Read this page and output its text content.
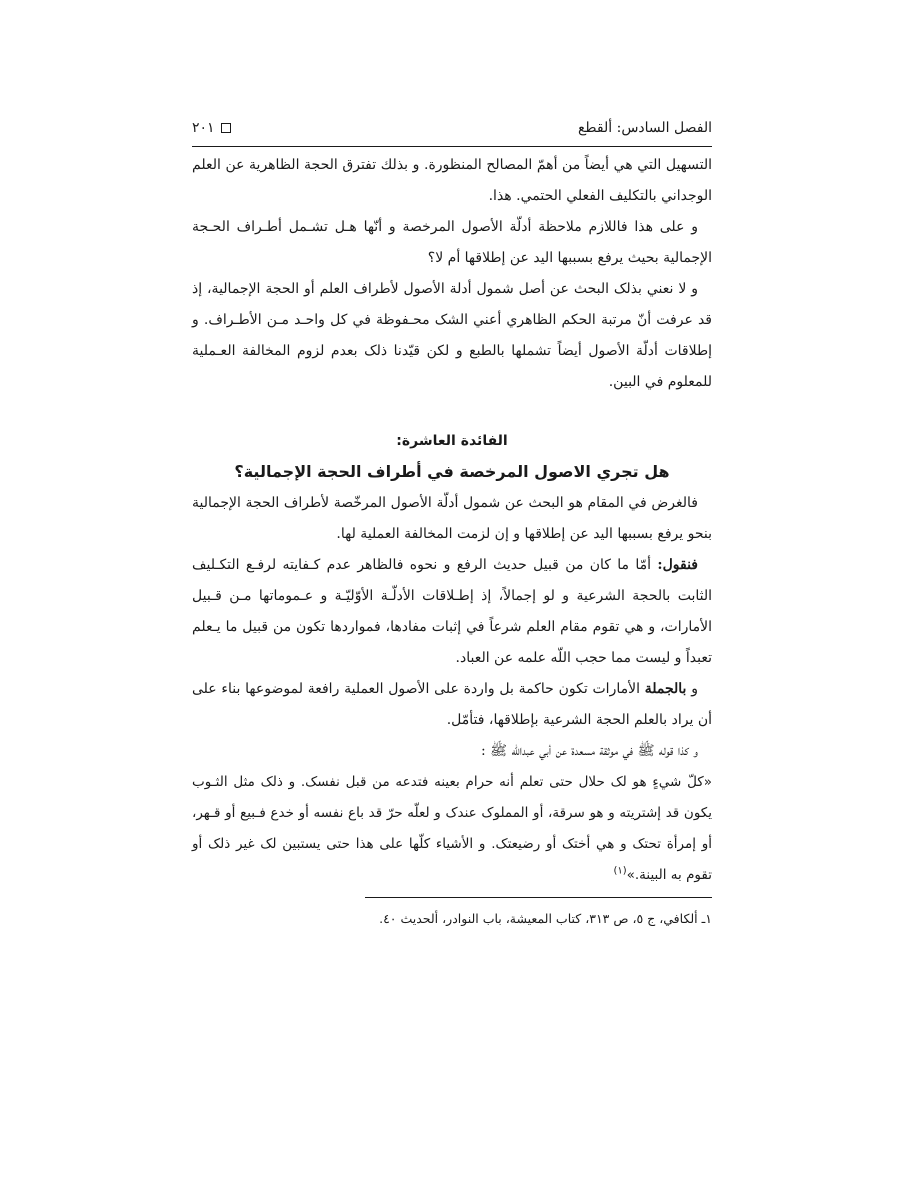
الفصل السادس: ألقطع
٢٠١

التسهيل التي هي أيضاً من أهمّ المصالح المنظورة. و بذلك تفترق الحجة الظاهرية عن العلم الوجداني بالتكليف الفعلي الحتمي. هذا.

و على هذا فاللازم ملاحظة أدلّة الأصول المرخصة و أنّها هـل تشـمل أطـراف الحـجة الإجمالية بحيث يرفع بسببها اليد عن إطلاقها أم لا؟

و لا نعني بذلک البحث عن أصل شمول أدلة الأصول لأطراف العلم أو الحجة الإجمالية، إذ قد عرفت أنّ مرتبة الحكم الظاهري أعني الشک محـفوظة في كل واحـد مـن الأطـراف. و إطلاقات أدلّة الأصول أيضاً تشملها بالطبع و لكن قيّدنا ذلک بعدم لزوم المخالفة العـملية للمعلوم في البين.

الفائدة العاشرة:

هل تجري الاصول المرخصة في أطراف الحجة الإجمالية؟

فالغرض في المقام هو البحث عن شمول أدلّة الأصول المرخّصة لأطراف الحجة الإجمالية بنحو يرفع بسببها اليد عن إطلاقها و إن لزمت المخالفة العملية لها.

فنقول: أمّا ما كان من قبيل حديث الرفع و نحوه فالظاهر عدم كـفايته لرفـع التكـليف الثابت بالحجة الشرعية و لو إجمالاً، إذ إطـلاقات الأدلّـة الأوّليّـة و عـموماتها مـن قـبيل الأمارات، و هي تقوم مقام العلم شرعاً في إثبات مفادها، فموارده‍ا تكون من قبيل ما يـعلم تعبداً و ليست مما حجب اللّه علمه عن العباد.

و بالجملة الأمارات تكون حاكمة بل واردة على الأصول العملية رافعة لموضوعها بناء على أن يراد بالعلم الحجة الشرعية بإطلاقها، فتأمّل.

و كذا قوله ﷺ في موثقة مسعدة عن أبي عبداللّه ﷺ :

«كلّ شيءٍ هو لک حلال حتى تعلم أنه حرام بعينه فتدعه من قبل نفسک. و ذلک مثل الثـوب يكون قد إشتريته و هو سرقة، أو المملوک عندک و لعلّه حرّ قد باع نفسه أو خدع فـبيع أو قـهر، أو إمرأة تحتک و هي أختک أو رضيعتک. و الأشياء كلّها على هذا حتى يستبين لک غير ذلک أو تقوم به البينة.»$^{(١)}$

١ـ ألكافي، ج ٥، ص ٣١٣، كتاب المعيشة، باب النوادر، ألحديث ٤٠.
